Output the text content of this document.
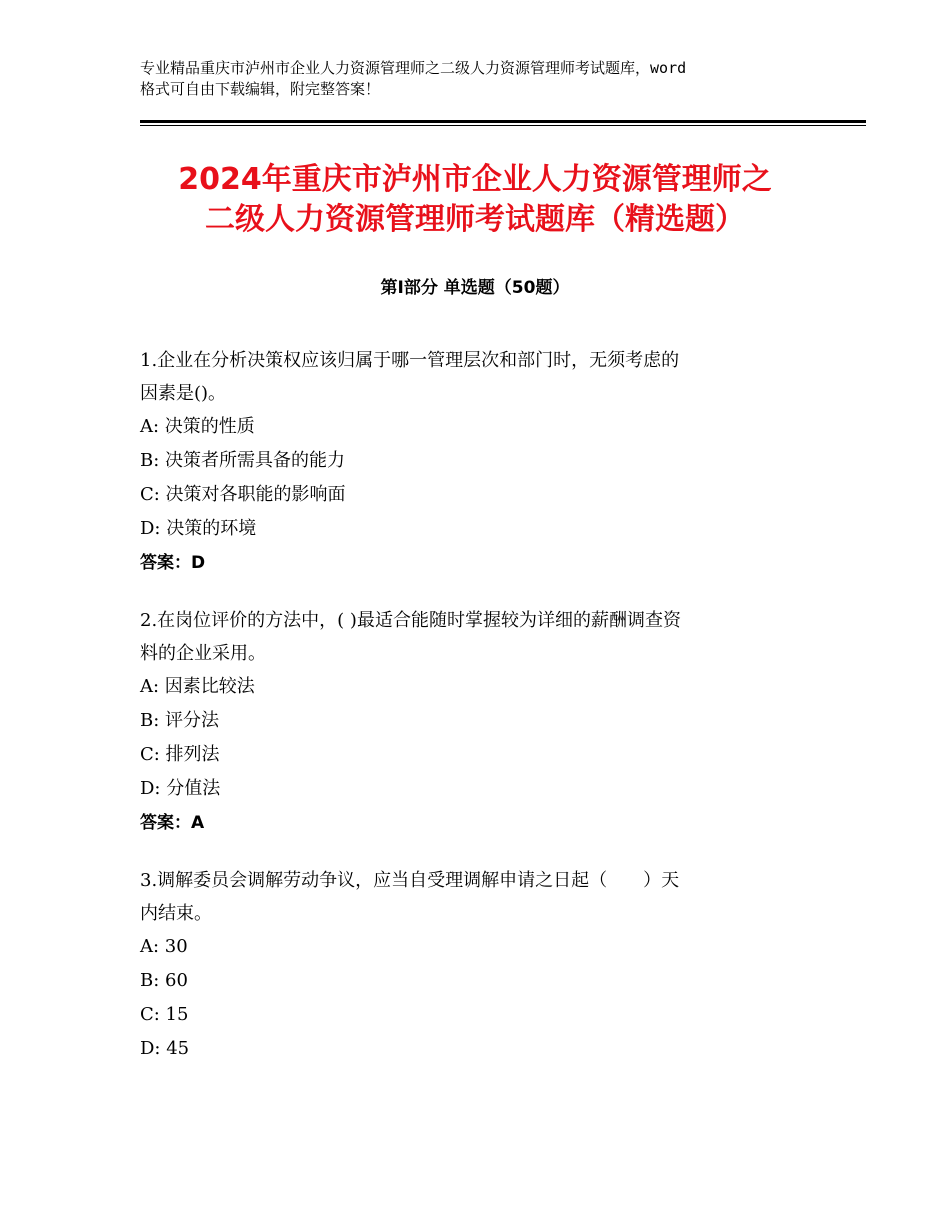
专业精品重庆市泸州市企业人力资源管理师之二级人力资源管理师考试题库，word
格式可自由下载编辑，附完整答案！
2024年重庆市泸州市企业人力资源管理师之
二级人力资源管理师考试题库（精选题）
第Ⅰ部分 单选题（50题）
1.企业在分析决策权应该归属于哪一管理层次和部门时，无须考虑的
因素是()。
A: 决策的性质
B: 决策者所需具备的能力
C: 决策对各职能的影响面
D: 决策的环境
答案：D
2.在岗位评价的方法中，( )最适合能随时掌握较为详细的薪酬调查资
料的企业采用。
A: 因素比较法
B: 评分法
C: 排列法
D: 分值法
答案：A
3.调解委员会调解劳动争议，应当自受理调解申请之日起（　　）天
内结束。
A: 30
B: 60
C: 15
D: 45
